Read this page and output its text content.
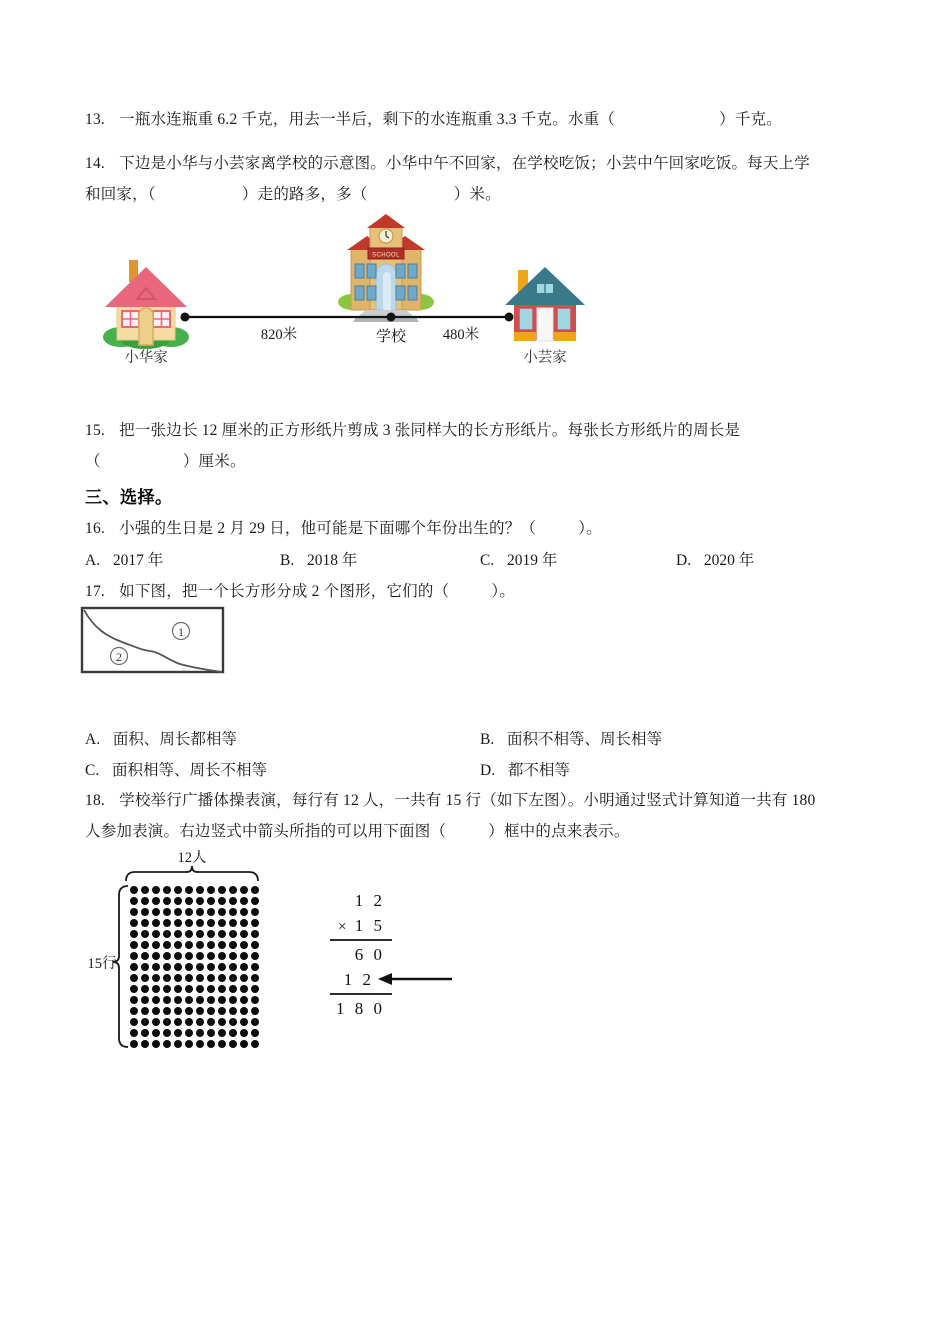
13. 一瓶水连瓶重 6.2 千克，用去一半后，剩下的水连瓶重 3.3 千克。水重（	）千克。
14. 下边是小华与小芸家离学校的示意图。小华中午不回家，在学校吃饭；小芸中午回家吃饭。每天上学
和回家，（	）走的路多，多（	）米。
小华家
SCHOOL
小芸家
820米	学校	480米
15. 把一张边长 12 厘米的正方形纸片剪成 3 张同样大的长方形纸片。每张长方形纸片的周长是
（	）厘米。
三、选择。
16. 小强的生日是 2 月 29 日，他可能是下面哪个年份出生的？（	）。
A. 2017 年	B. 2018 年	C. 2019 年	D. 2020 年
17. 如下图，把一个长方形分成 2 个图形，它们的（	）。
1
2
A. 面积、周长都相等	B. 面积不相等、周长相等
C. 面积相等、周长不相等	D. 都不相等
18. 学校举行广播体操表演，每行有 12 人，一共有 15 行（如下左图）。小明通过竖式计算知道一共有 180
人参加表演。右边竖式中箭头所指的可以用下面图（	）框中的点来表示。
12人
15行
1 2
× 1 5
6 0
1 2
1 8 0
